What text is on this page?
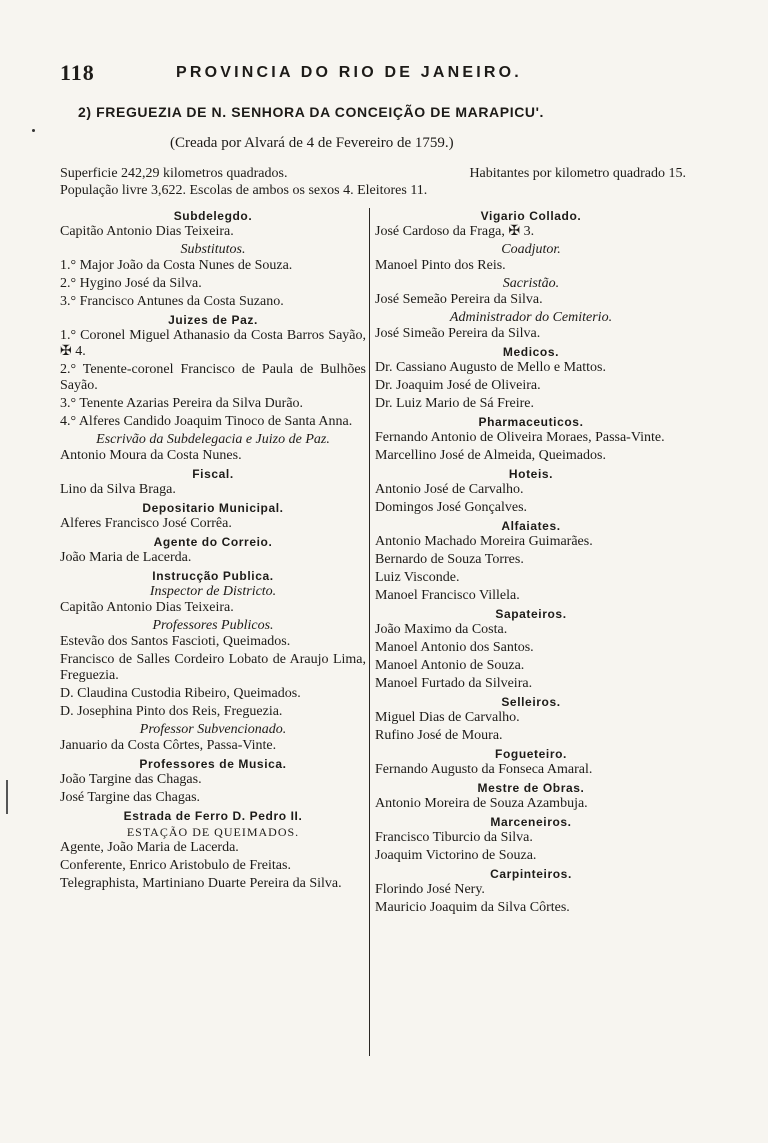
118	PROVINCIA DO RIO DE JANEIRO.
2) FREGUEZIA DE N. SENHORA DA CONCEIÇÃO DE MARAPICU'.
(Creada por Alvará de 4 de Fevereiro de 1759.)
Superficie 242,29 kilometros quadrados.	Habitantes por kilometro quadrado 15.
População livre 3,622. Escolas de ambos os sexos 4. Eleitores 11.
Subdelegdo.
Capitão Antonio Dias Teixeira.
Substitutos.
1.° Major João da Costa Nunes de Souza.
2.° Hygino José da Silva.
3.° Francisco Antunes da Costa Suzano.
Juizes de Paz.
1.° Coronel Miguel Athanasio da Costa Barros Sayão, ✠ 4.
2.° Tenente-coronel Francisco de Paula de Bulhões Sayão.
3.° Tenente Azarias Pereira da Silva Durão.
4.° Alferes Candido Joaquim Tinoco de Santa Anna.
Escrivão da Subdelegacia e Juizo de Paz.
Antonio Moura da Costa Nunes.
Fiscal.
Lino da Silva Braga.
Depositario Municipal.
Alferes Francisco José Corrêa.
Agente do Correio.
João Maria de Lacerda.
Instrucção Publica.
Inspector de Districto.
Capitão Antonio Dias Teixeira.
Professores Publicos.
Estevão dos Santos Fascioti, Queimados.
Francisco de Salles Cordeiro Lobato de Araujo Lima, Freguezia.
D. Claudina Custodia Ribeiro, Queimados.
D. Josephina Pinto dos Reis, Freguezia.
Professor Subvencionado.
Januario da Costa Côrtes, Passa-Vinte.
Professores de Musica.
João Targine das Chagas.
José Targine das Chagas.
Estrada de Ferro D. Pedro II.
ESTAÇÃO DE QUEIMADOS.
Agente, João Maria de Lacerda.
Conferente, Enrico Aristobulo de Freitas.
Telegraphista, Martiniano Duarte Pereira da Silva.
Vigario Collado.
José Cardoso da Fraga, ✠ 3.
Coadjutor.
Manoel Pinto dos Reis.
Sacristão.
José Semeão Pereira da Silva.
Administrador do Cemiterio.
José Simeão Pereira da Silva.
Medicos.
Dr. Cassiano Augusto de Mello e Mattos.
Dr. Joaquim José de Oliveira.
Dr. Luiz Mario de Sá Freire.
Pharmaceuticos.
Fernando Antonio de Oliveira Moraes, Passa-Vinte.
Marcellino José de Almeida, Queimados.
Hoteis.
Antonio José de Carvalho.
Domingos José Gonçalves.
Alfaiates.
Antonio Machado Moreira Guimarães.
Bernardo de Souza Torres.
Luiz Visconde.
Manoel Francisco Villela.
Sapateiros.
João Maximo da Costa.
Manoel Antonio dos Santos.
Manoel Antonio de Souza.
Manoel Furtado da Silveira.
Selleiros.
Miguel Dias de Carvalho.
Rufino José de Moura.
Fogueteiro.
Fernando Augusto da Fonseca Amaral.
Mestre de Obras.
Antonio Moreira de Souza Azambuja.
Marceneiros.
Francisco Tiburcio da Silva.
Joaquim Victorino de Souza.
Carpinteiros.
Florindo José Nery.
Mauricio Joaquim da Silva Côrtes.
